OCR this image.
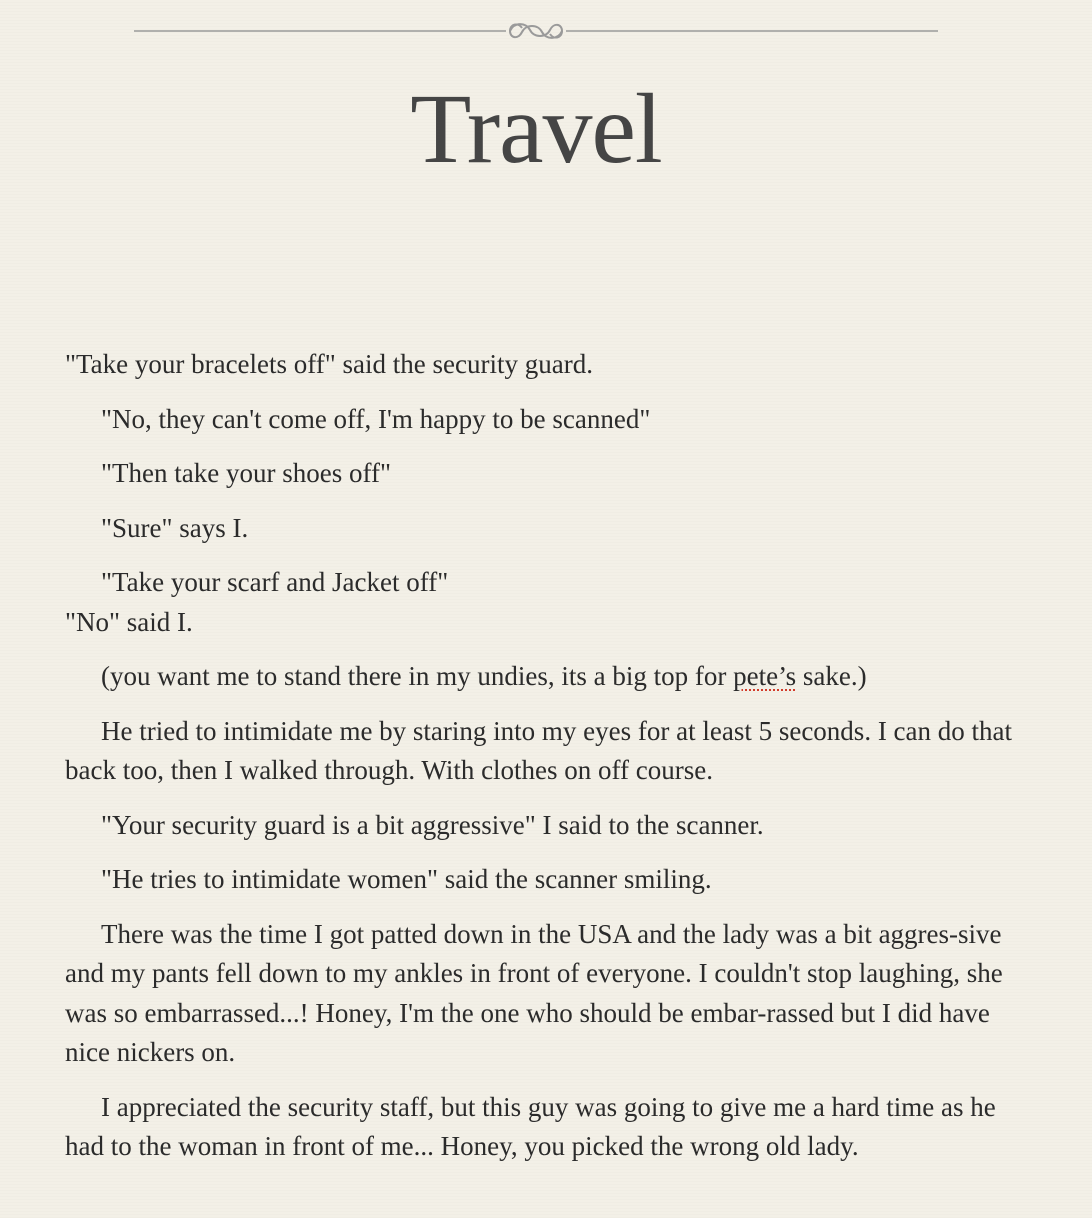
Travel

"Take your bracelets off" said the security guard.

"No, they can't come off, I'm happy to be scanned"

"Then take your shoes off"

"Sure" says I.

"Take your scarf and Jacket off"

"No" said I.

(you want me to stand there in my undies, its a big top for pete’s sake.)

He tried to intimidate me by staring into my eyes for at least 5 seconds. I can do that back too, then I walked through. With clothes on off course.

"Your security guard is a bit aggressive" I said to the scanner.

"He tries to intimidate women" said the scanner smiling.

There was the time I got patted down in the USA and the lady was a bit aggres-sive and my pants fell down to my ankles in front of everyone. I couldn't stop laughing, she was so embarrassed...! Honey, I'm the one who should be embar-rassed but I did have nice nickers on.

I appreciated the security staff, but this guy was going to give me a hard time as he had to the woman in front of me... Honey, you picked the wrong old lady.
